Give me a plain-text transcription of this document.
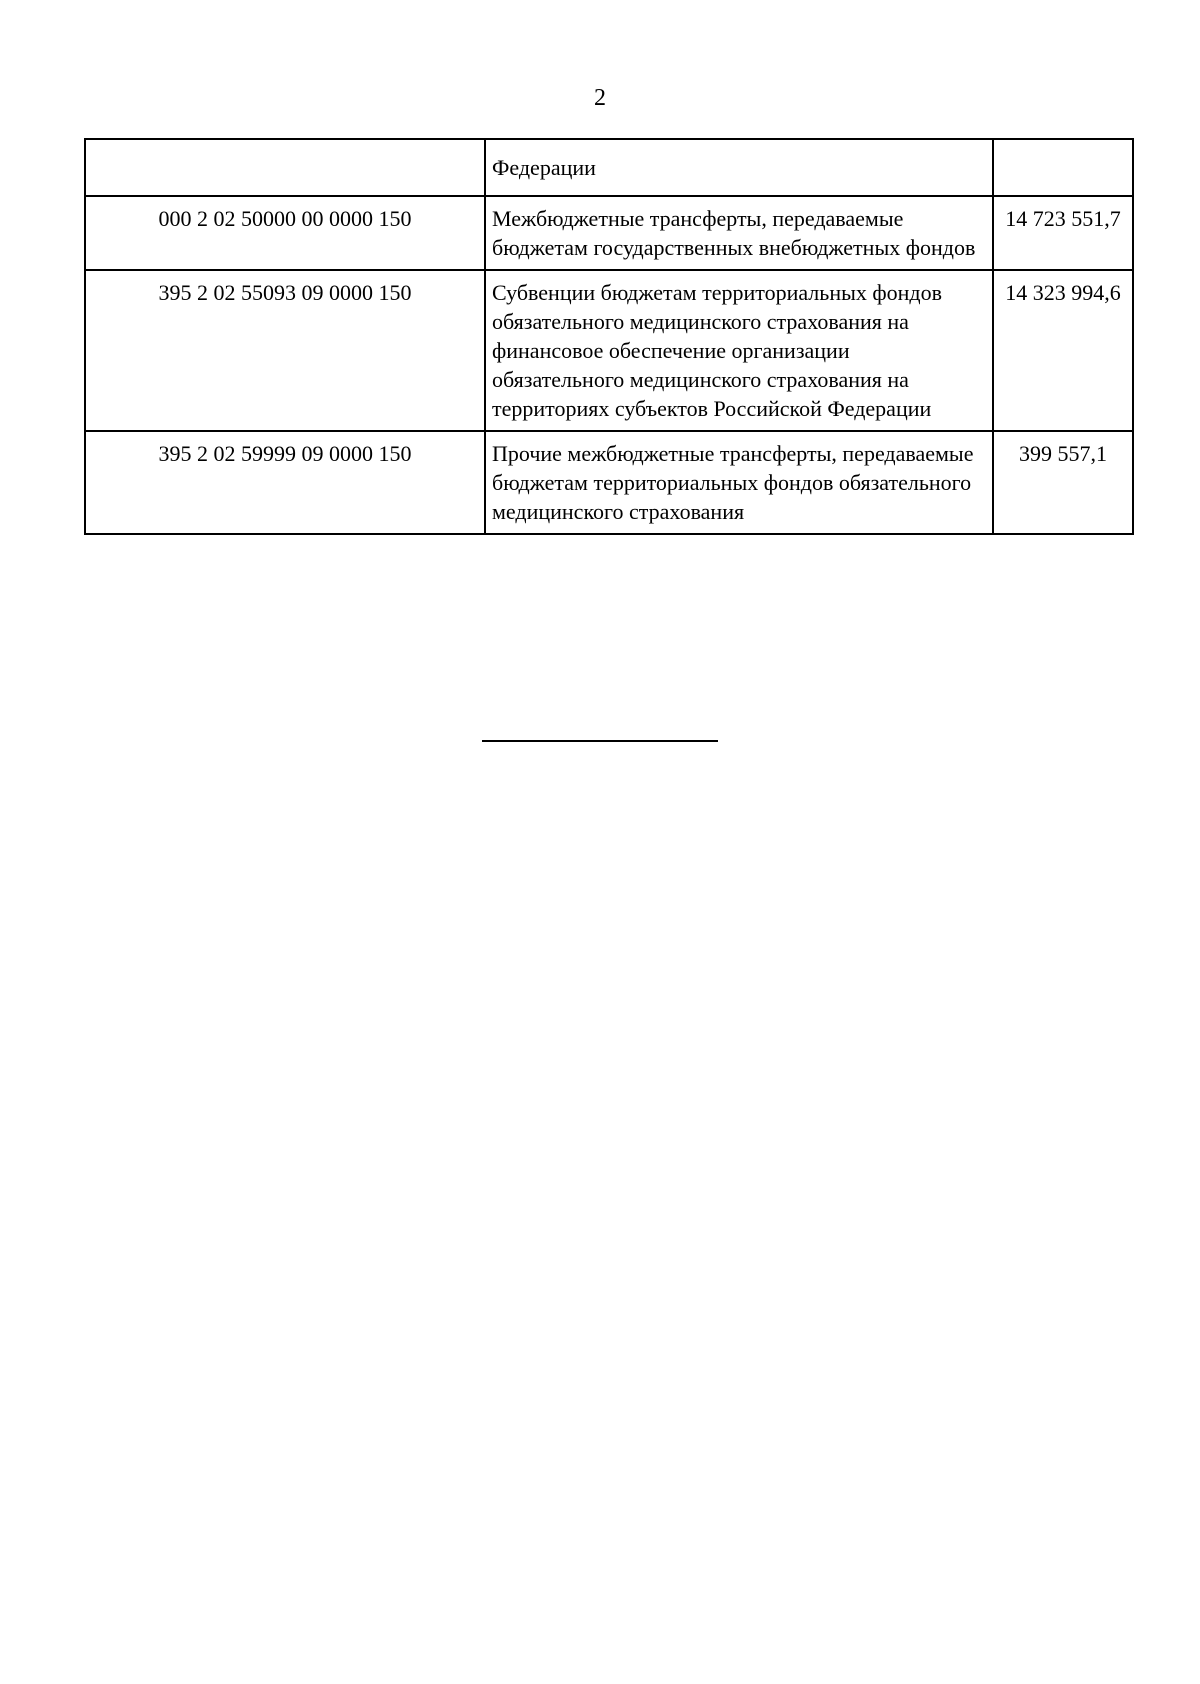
2
	Федерации	
000 2 02 50000 00 0000 150	Межбюджетные трансферты, передаваемые бюджетам государственных внебюджетных фондов	14 723 551,7
395 2 02 55093 09 0000 150	Субвенции бюджетам территориальных фондов обязательного медицинского страхования на финансовое обеспечение организации обязательного медицинского страхования на территориях субъектов Российской Федерации	14 323 994,6
395 2 02 59999 09 0000 150	Прочие межбюджетные трансферты, передаваемые бюджетам территориальных фондов обязательного медицинского страхования	399 557,1
